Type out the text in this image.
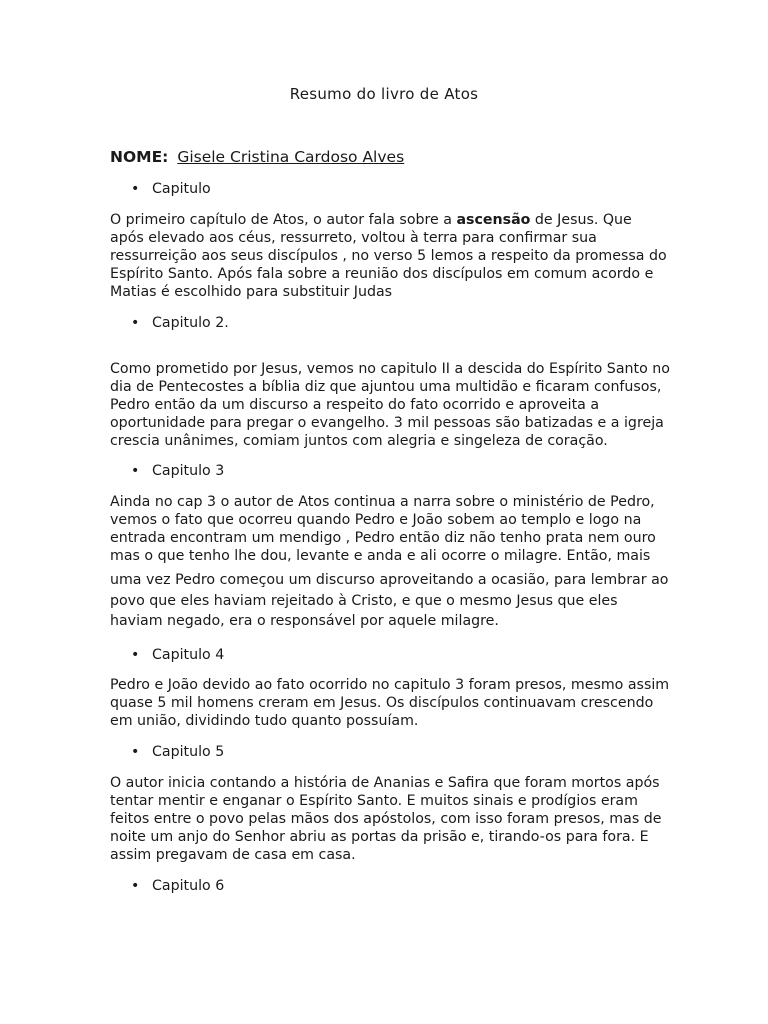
Resumo do livro de Atos
NOME: Gisele Cristina Cardoso Alves
• Capitulo
O primeiro capítulo de Atos, o autor fala sobre a ascensão de Jesus. Que após elevado aos céus, ressurreto, voltou à terra para confirmar sua ressurreição aos seus discípulos , no verso 5 lemos a respeito da promessa do Espírito Santo. Após fala sobre a reunião dos discípulos em comum acordo e Matias é escolhido para substituir Judas
• Capitulo 2.
Como prometido por Jesus, vemos no capitulo II a descida do Espírito Santo no dia de Pentecostes a bíblia diz que ajuntou uma multidão e ficaram confusos, Pedro então da um discurso a respeito do fato ocorrido e aproveita a oportunidade para pregar o evangelho. 3 mil pessoas são batizadas e a igreja crescia unânimes, comiam juntos com alegria e singeleza de coração.
• Capitulo 3
Ainda no cap 3 o autor de Atos continua a narra sobre o ministério de Pedro, vemos o fato que ocorreu quando Pedro e João sobem ao templo e logo na entrada encontram um mendigo , Pedro então diz não tenho prata nem ouro mas o que tenho lhe dou, levante e anda e ali ocorre o milagre. Então, mais
uma vez Pedro começou um discurso aproveitando a ocasião, para lembrar ao povo que eles haviam rejeitado à Cristo, e que o mesmo Jesus que eles haviam negado, era o responsável por aquele milagre.
• Capitulo 4
Pedro e João devido ao fato ocorrido no capitulo 3 foram presos, mesmo assim quase 5 mil homens creram em Jesus. Os discípulos continuavam crescendo em união, dividindo tudo quanto possuíam.
• Capitulo 5
O autor inicia contando a história de Ananias e Safira que foram mortos após tentar mentir e enganar o Espírito Santo. E muitos sinais e prodígios eram feitos entre o povo pelas mãos dos apóstolos, com isso foram presos, mas de noite um anjo do Senhor abriu as portas da prisão e, tirando-os para fora. E assim pregavam de casa em casa.
• Capitulo 6
